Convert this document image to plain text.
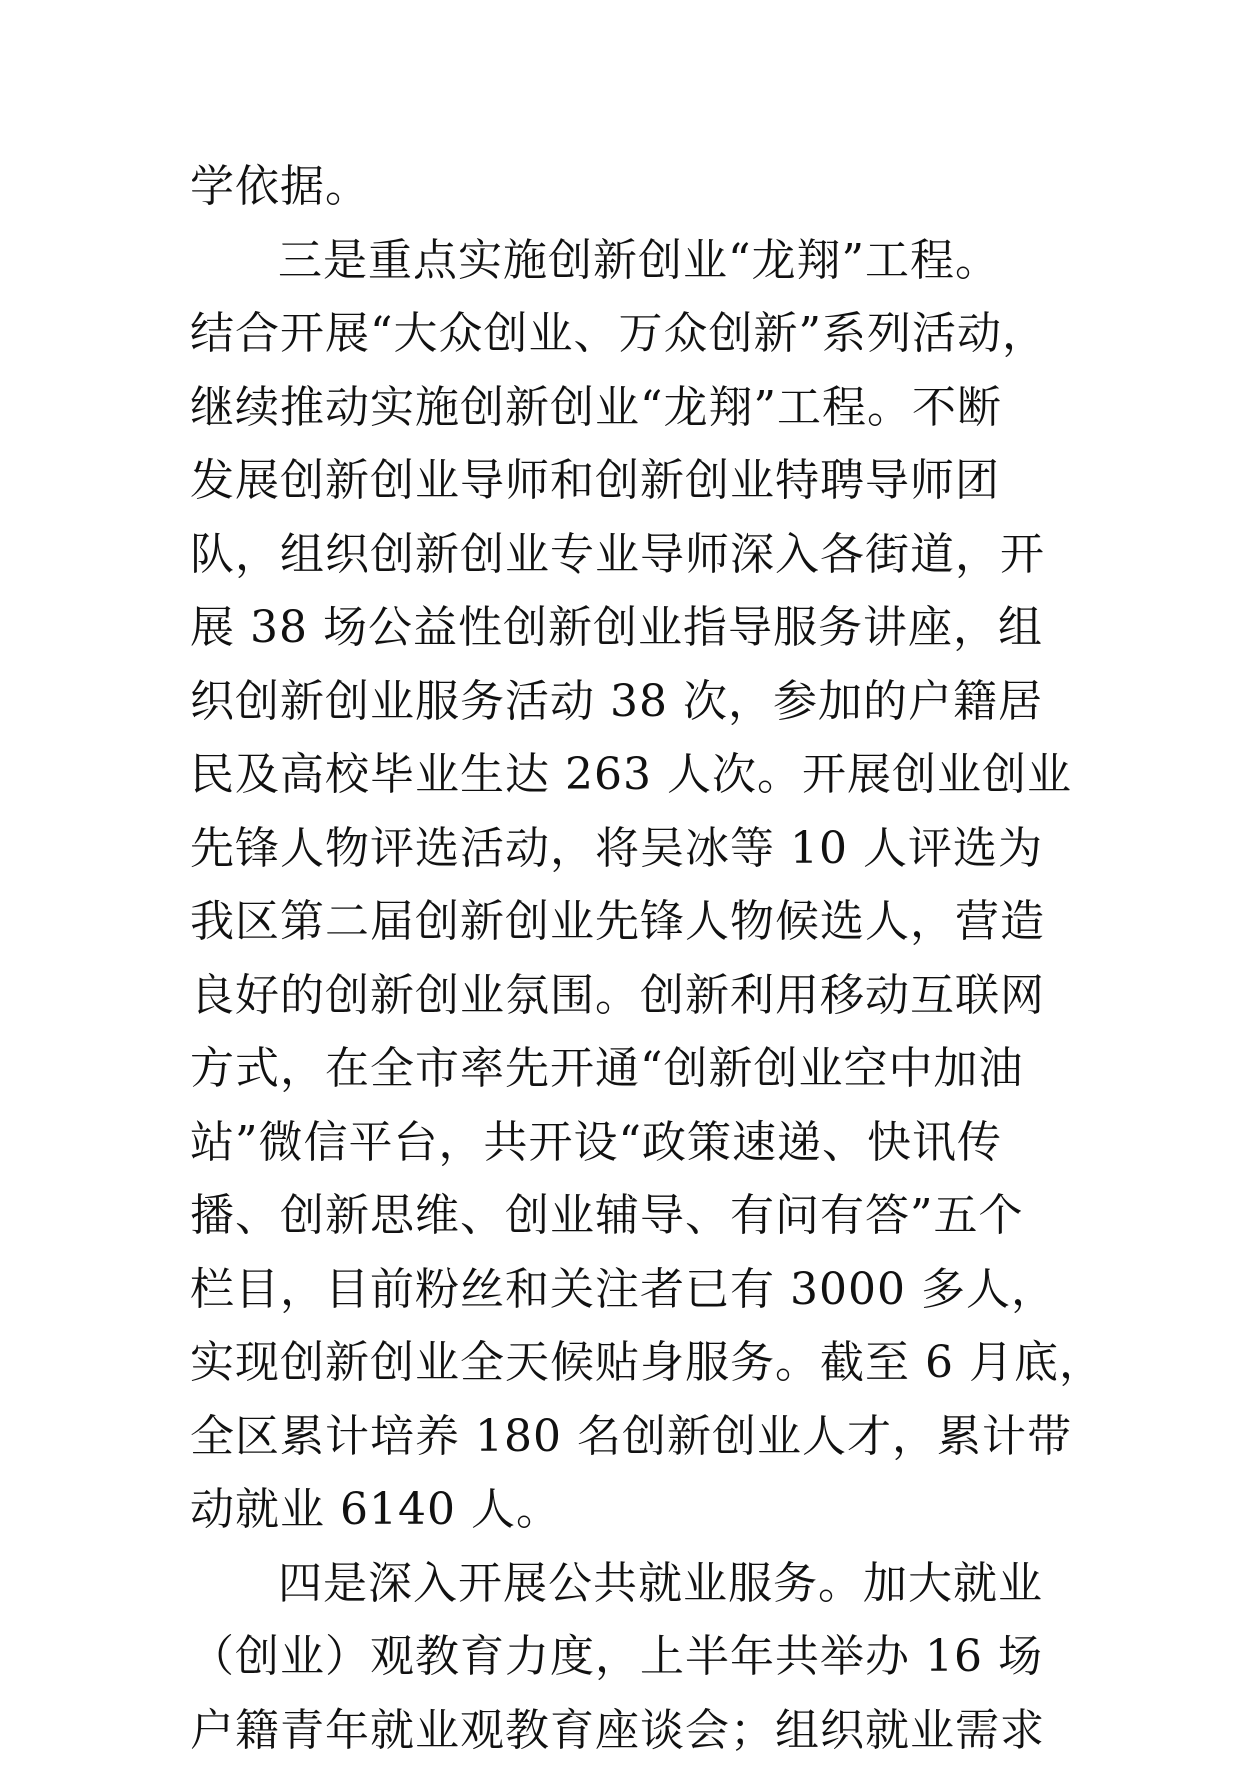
学依据。
三是重点实施创新创业“龙翔”工程。
结合开展“大众创业、万众创新”系列活动，
继续推动实施创新创业“龙翔”工程。不断
发展创新创业导师和创新创业特聘导师团
队，组织创新创业专业导师深入各街道，开
展 38 场公益性创新创业指导服务讲座，组
织创新创业服务活动 38 次，参加的户籍居
民及高校毕业生达 263 人次。开展创业创业
先锋人物评选活动，将吴冰等 10 人评选为
我区第二届创新创业先锋人物候选人，营造
良好的创新创业氛围。创新利用移动互联网
方式，在全市率先开通“创新创业空中加油
站”微信平台，共开设“政策速递、快讯传
播、创新思维、创业辅导、有问有答”五个
栏目，目前粉丝和关注者已有 3000 多人，
实现创新创业全天候贴身服务。截至 6 月底，
全区累计培养 180 名创新创业人才，累计带
动就业 6140 人。
四是深入开展公共就业服务。加大就业
（创业）观教育力度，上半年共举办 16 场
户籍青年就业观教育座谈会；组织就业需求
